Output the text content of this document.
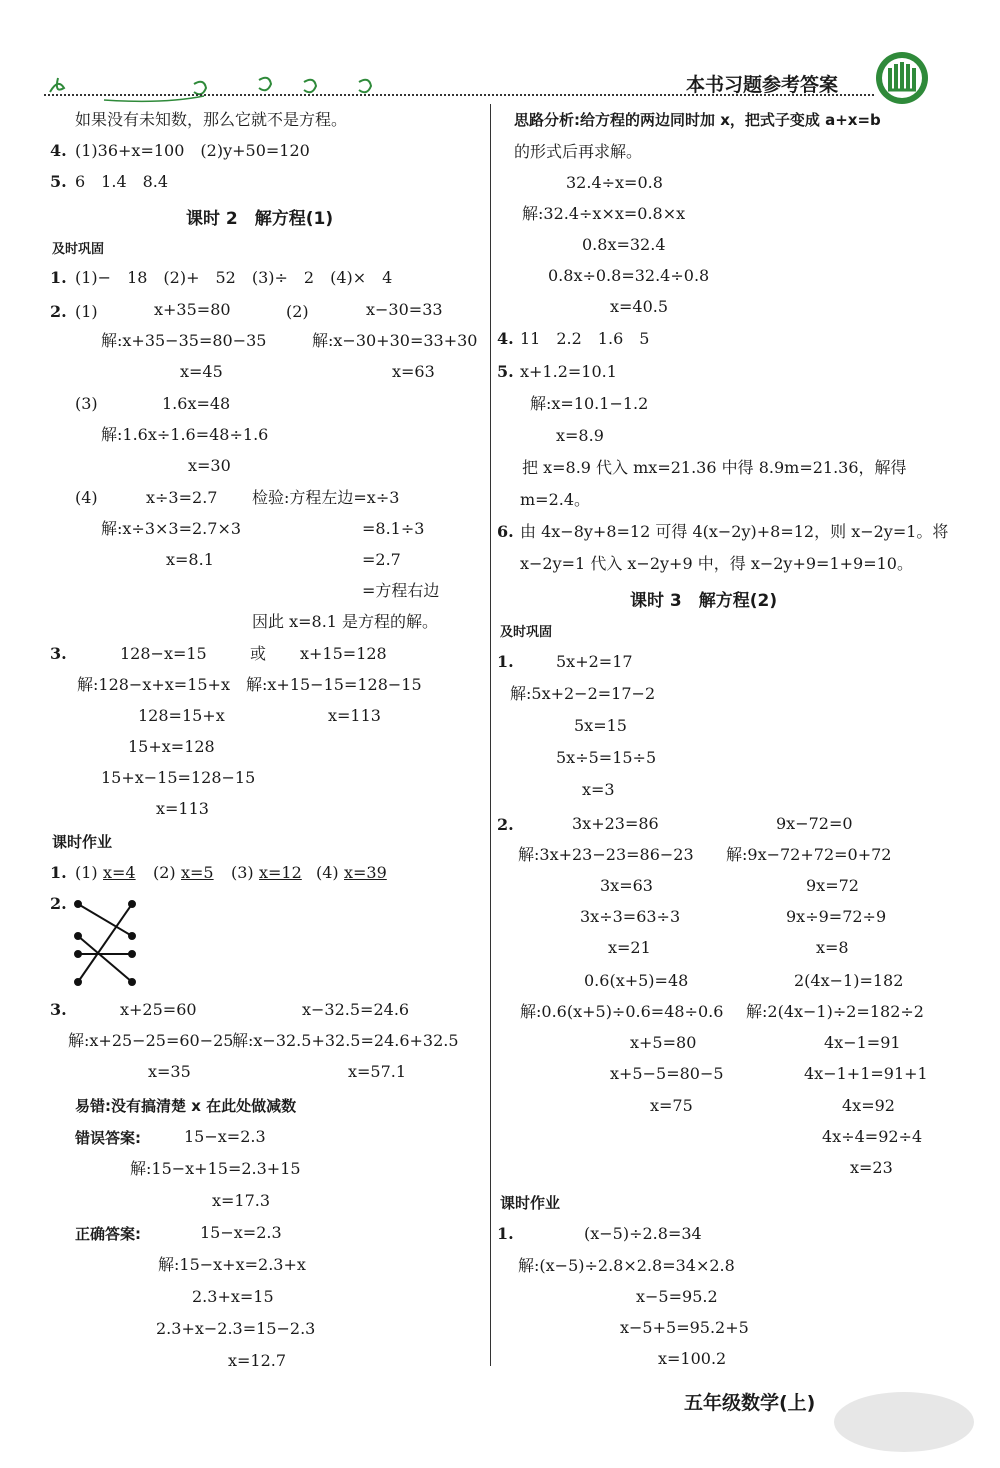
本书习题参考答案
如果没有未知数，那么它就不是方程。
4. (1)36+x=100　(2)y+50=120
5. 6　1.4　8.4
课时 2　解方程(1)
及时巩固
1. (1)−　18　(2)+　52　(3)÷　2　(4)×　4
2. (1)	x+35=80
解:x+35−35=80−35
x=45
(2)	x−30=33
解:x−30+30=33+30
x=63
(3)	1.6x=48
解:1.6x÷1.6=48÷1.6
x=30
(4)	x÷3=2.7
解:x÷3×3=2.7×3
x=8.1
检验:方程左边=x÷3
=8.1÷3
=2.7
=方程右边
因此 x=8.1 是方程的解。
3.	128−x=15	或 x+15=128
解:128−x+x=15+x 解:x+15−15=128−15
128=15+x	x=113
15+x=128
15+x−15=128−15
x=113
课时作业
1. (1) x=4 (2) x=5 (3) x=12 (4) x=39
2.
3.	x+25=60	x−32.5=24.6
解:x+25−25=60−25
解:x−32.5+32.5=24.6+32.5
x=35	x=57.1
易错:没有搞清楚 x 在此处做减数
错误答案:	15−x=2.3
解:15−x+15=2.3+15
x=17.3
正确答案:	15−x=2.3
解:15−x+x=2.3+x
2.3+x=15
2.3+x−2.3=15−2.3
x=12.7
思路分析:给方程的两边同时加 x，把式子变成 a+x=b
的形式后再求解。
32.4÷x=0.8
解:32.4÷x×x=0.8×x
0.8x=32.4
0.8x÷0.8=32.4÷0.8
x=40.5
4. 11　2.2　1.6　5
5. x+1.2=10.1
解:x=10.1−1.2
x=8.9
把 x=8.9 代入 mx=21.36 中得 8.9m=21.36，解得
m=2.4。
6. 由 4x−8y+8=12 可得 4(x−2y)+8=12，则 x−2y=1。将
x−2y=1 代入 x−2y+9 中，得 x−2y+9=1+9=10。
课时 3　解方程(2)
及时巩固
1.	5x+2=17
解:5x+2−2=17−2
5x=15
5x÷5=15÷5
x=3
2.	3x+23=86
解:3x+23−23=86−23
3x=63
3x÷3=63÷3
x=21
9x−72=0
解:9x−72+72=0+72
9x=72
9x÷9=72÷9
x=8
0.6(x+5)=48
解:0.6(x+5)÷0.6=48÷0.6
x+5=80
x+5−5=80−5
x=75
2(4x−1)=182
解:2(4x−1)÷2=182÷2
4x−1=91
4x−1+1=91+1
4x=92
4x÷4=92÷4
x=23
课时作业
1.	(x−5)÷2.8=34
解:(x−5)÷2.8×2.8=34×2.8
x−5=95.2
x−5+5=95.2+5
x=100.2
五年级数学(上)
